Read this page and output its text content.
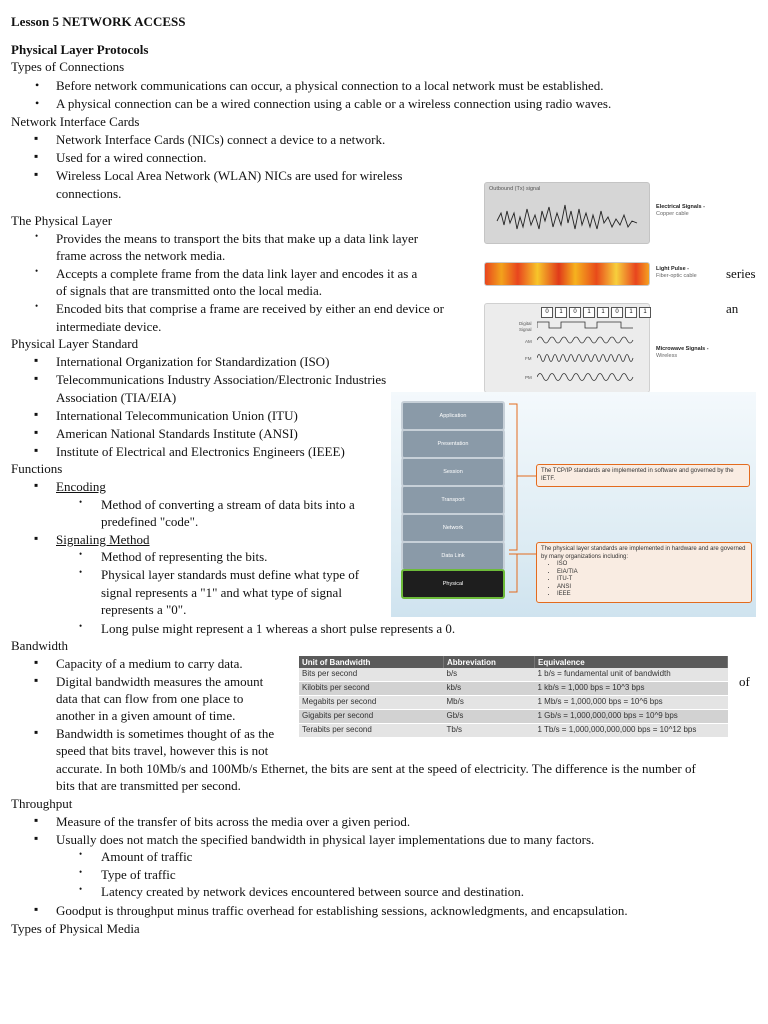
Lesson 5 NETWORK ACCESS
Physical Layer Protocols
Types of Connections
•
Before network communications can occur, a physical connection to a local network must be established.
•
A physical connection can be a wired connection using a cable or a wireless connection using radio waves.
Network Interface Cards
▪
Network Interface Cards (NICs) connect a device to a network.
▪
Used for a wired connection.
▪
Wireless Local Area Network (WLAN) NICs are used for wireless
connections.
The Physical Layer
•
Provides the means to transport the bits that make up a data link layer
frame across the network media.
•
Accepts a complete frame from the data link layer and encodes it as a	series
of signals that are transmitted onto the local media.
•
Encoded bits that comprise a frame are received by either an end device or	an
intermediate device.
Physical Layer Standard
▪
International Organization for Standardization (ISO)
▪
Telecommunications Industry Association/Electronic Industries
Association (TIA/EIA)
▪
International Telecommunication Union (ITU)
▪
American National Standards Institute (ANSI)
▪
Institute of Electrical and Electronics Engineers (IEEE)
Functions
▪
Encoding
•
Method of converting a stream of data bits into a
predefined "code".
▪
Signaling Method
•
Method of representing the bits.
•
Physical layer standards must define what type of
signal represents a "1" and what type of signal
represents a "0".
•
Long pulse might represent a 1 whereas a short pulse represents a 0.
Bandwidth
▪
Capacity of a medium to carry data.
▪
Digital bandwidth measures the amount	of
data that can flow from one place to
another in a given amount of time.
▪
Bandwidth is sometimes thought of as the
speed that bits travel, however this is not
accurate. In both 10Mb/s and 100Mb/s Ethernet, the bits are sent at the speed of electricity. The difference is the number of
bits that are transmitted per second.
Unit of Bandwidth	Abbreviation	Equivalence
Bits per second	b/s	1 b/s = fundamental unit of bandwidth
Kilobits per second	kb/s	1 kb/s = 1,000 bps = 10^3 bps
Megabits per second	Mb/s	1 Mb/s = 1,000,000 bps = 10^6 bps
Gigabits per second	Gb/s	1 Gb/s = 1,000,000,000 bps = 10^9 bps
Terabits per second	Tb/s	1 Tb/s = 1,000,000,000,000 bps = 10^12 bps
Throughput
▪
Measure of the transfer of bits across the media over a given period.
▪
Usually does not match the specified bandwidth in physical layer implementations due to many factors.
•
Amount of traffic
•
Type of traffic
•
Latency created by network devices encountered between source and destination.
▪
Goodput is throughput minus traffic overhead for establishing sessions, acknowledgments, and encapsulation.
Types of Physical Media
Outbound (Tx) signal
Electrical Signals -
Copper cable
Light Pulse -
Fiber-optic cable
0	1	0	1	1	0	1	1
Digital Signal
AM
FM
PM
Microwave Signals -
Wireless
Application
Presentation
Session
Transport
Network
Data Link
Physical
The TCP/IP standards are implemented in software and governed by the IETF.
The physical layer standards are implemented in hardware and are governed by many organizations including:
• ISO
• EIA/TIA
• ITU-T
• ANSI
• IEEE
